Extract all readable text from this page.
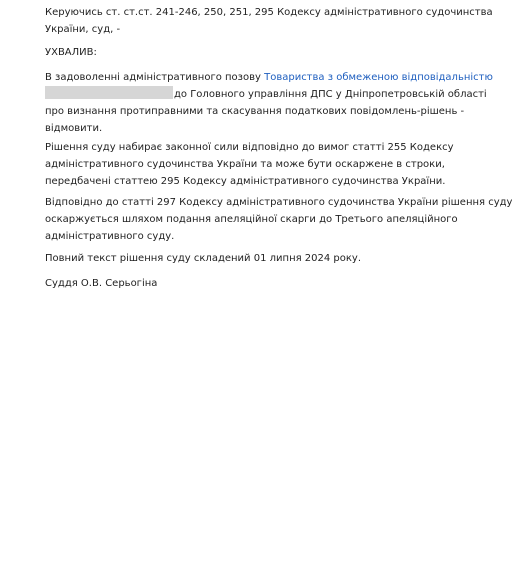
Керуючись ст. ст.ст. 241-246, 250, 251, 295 Кодексу адміністративного судочинства
України, суд, -
УХВАЛИВ:
В задоволенні адміністративного позову Товариства з обмеженою відповідальністю
до Головного управління ДПС у Дніпропетровській області
про визнання протиправними та скасування податкових повідомлень-рішень -
відмовити.
Рішення суду набирає законної сили відповідно до вимог статті 255 Кодексу
адміністративного судочинства України та може бути оскаржене в строки,
передбачені статтею 295 Кодексу адміністративного судочинства України.
Відповідно до статті 297 Кодексу адміністративного судочинства України рішення суду
оскаржується шляхом подання апеляційної скарги до Третього апеляційного
адміністративного суду.
Повний текст рішення суду складений 01 липня 2024 року.
Суддя О.В. Серьогіна
